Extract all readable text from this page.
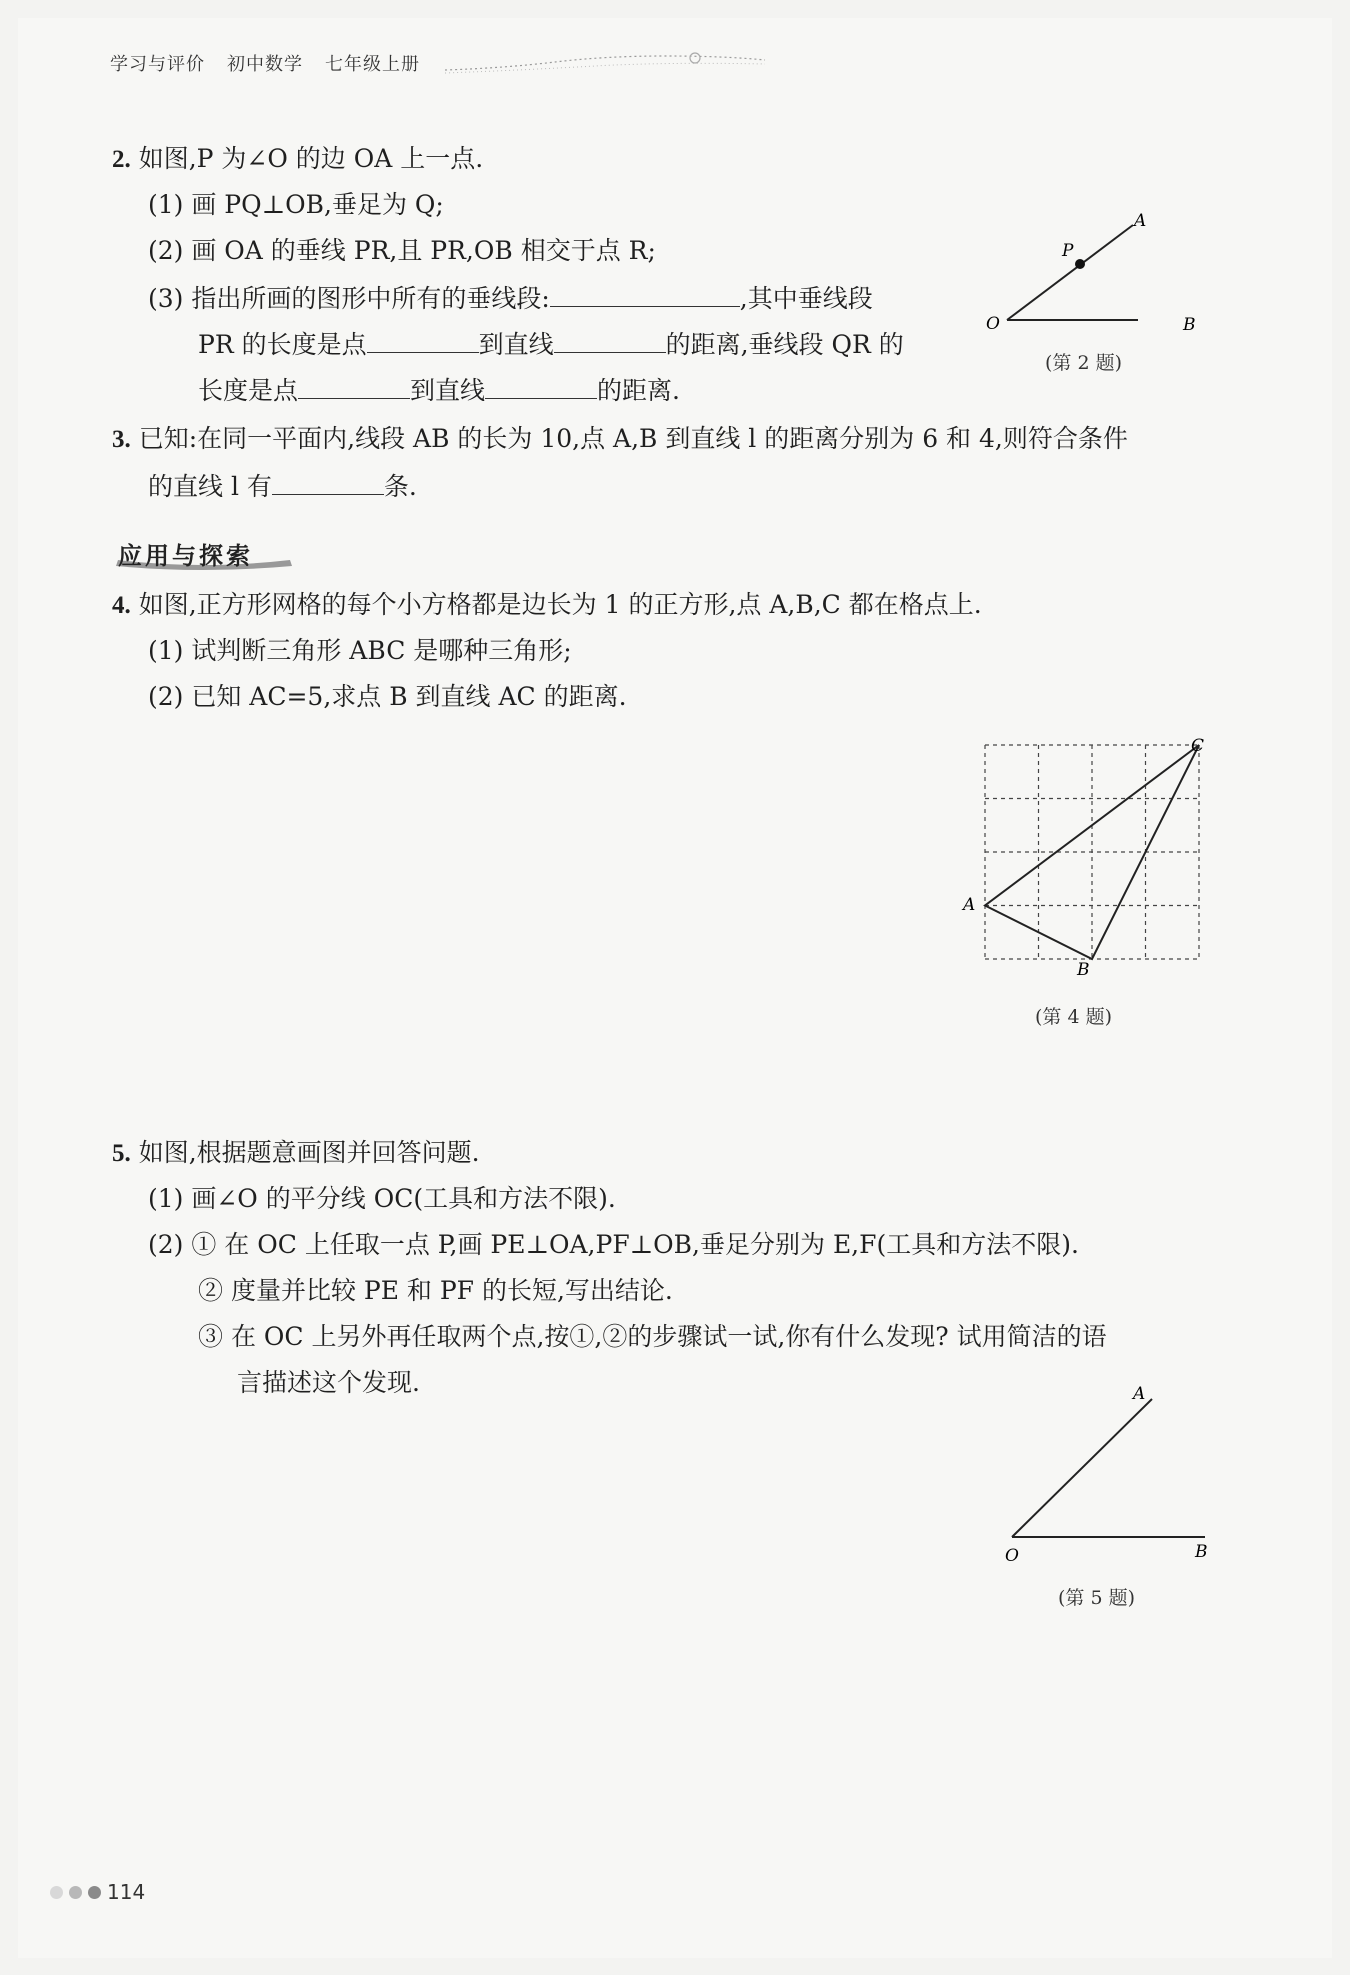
学习与评价 初中数学 七年级上册
2. 如图,P 为∠O 的边 OA 上一点.
(1) 画 PQ⊥OB,垂足为 Q;
(2) 画 OA 的垂线 PR,且 PR,OB 相交于点 R;
(3) 指出所画的图形中所有的垂线段:	,其中垂线段
PR 的长度是点	到直线	的距离,垂线段 QR 的
长度是点	到直线	的距离.
A
P
O	B
(第 2 题)
3. 已知:在同一平面内,线段 AB 的长为 10,点 A,B 到直线 l 的距离分别为 6 和 4,则符合条件
的直线 l 有	条.
应用与探索
4. 如图,正方形网格的每个小方格都是边长为 1 的正方形,点 A,B,C 都在格点上.
(1) 试判断三角形 ABC 是哪种三角形;
(2) 已知 AC=5,求点 B 到直线 AC 的距离.
A
B
C
(第 4 题)
5. 如图,根据题意画图并回答问题.
(1) 画∠O 的平分线 OC(工具和方法不限).
(2) ① 在 OC 上任取一点 P,画 PE⊥OA,PF⊥OB,垂足分别为 E,F(工具和方法不限).
② 度量并比较 PE 和 PF 的长短,写出结论.
③ 在 OC 上另外再任取两个点,按①,②的步骤试一试,你有什么发现? 试用简洁的语
言描述这个发现.	A
O	B
(第 5 题)
114
